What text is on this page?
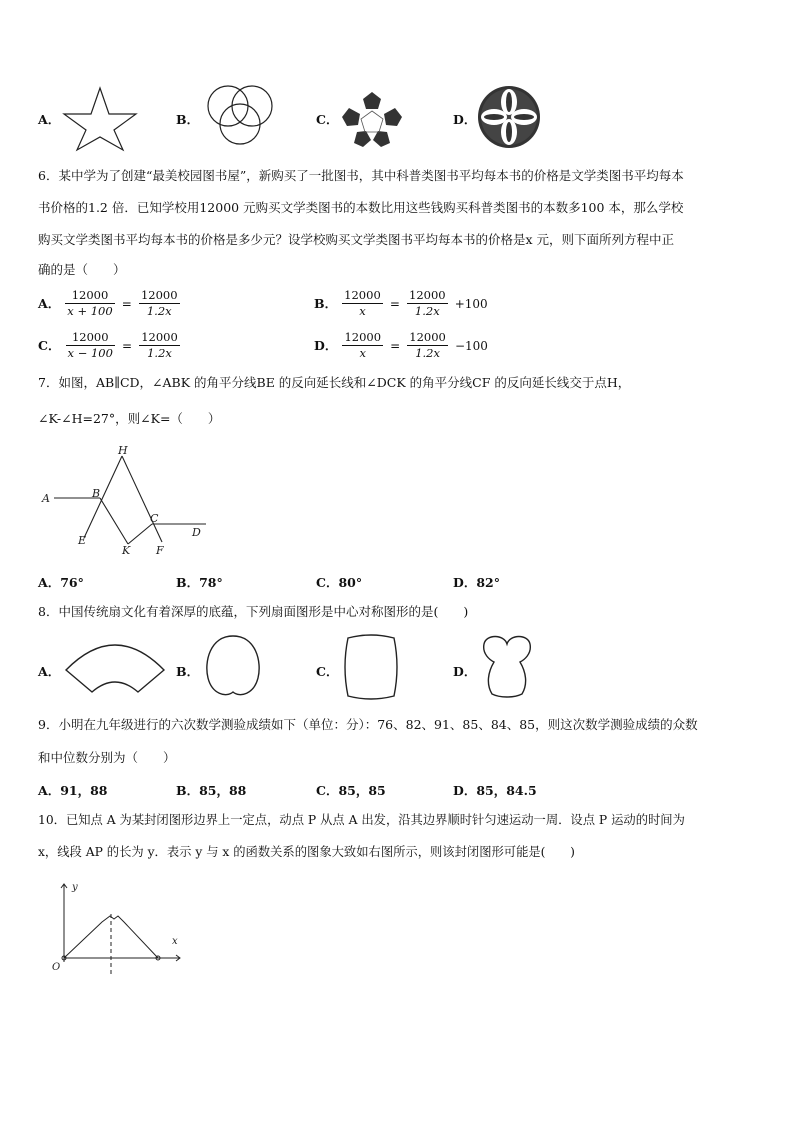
A．	B．	C．	D．
6．某中学为了创建“最美校园图书屋”，新购买了一批图书，其中科普类图书平均每本书的价格是文学类图书平均每本
书价格的1.2 倍．已知学校用12000 元购买文学类图书的本数比用这些钱购买科普类图书的本数多100 本，那么学校
购买文学类图书平均每本书的价格是多少元？设学校购买文学类图书平均每本书的价格是x 元，则下面所列方程中正
确的是（　　）
A． $\frac{12000}{x + 100} = \frac{12000}{1.2x}$	B． $\frac{12000}{x} = \frac{12000}{1.2x} +100$
C． $\frac{12000}{x - 100} = \frac{12000}{1.2x}$	D． $\frac{12000}{x} = \frac{12000}{1.2x} -100$
7．如图，AB∥CD，∠ABK 的角平分线BE 的反向延长线和∠DCK 的角平分线CF 的反向延长线交于点H，
∠K-∠H=27°，则∠K=（　　）
H
A	B
C
D
E
K F
A．76°	B．78°	C．80°	D．82°
8．中国传统扇文化有着深厚的底蕴，下列扇面图形是中心对称图形的是(　　)
A．	B．	C．	D．
9．小明在九年级进行的六次数学测验成绩如下（单位：分）：76、82、91、85、84、85，则这次数学测验成绩的众数
和中位数分别为（　　）
A．91，88	B．85，88	C．85，85	D．85，84.5
10．已知点 A 为某封闭图形边界上一定点，动点 P 从点 A 出发，沿其边界顺时针匀速运动一周．设点 P 运动的时间为
x，线段 AP 的长为 y．表示 y 与 x 的函数关系的图象大致如右图所示，则该封闭图形可能是(　　)
y
x
O
